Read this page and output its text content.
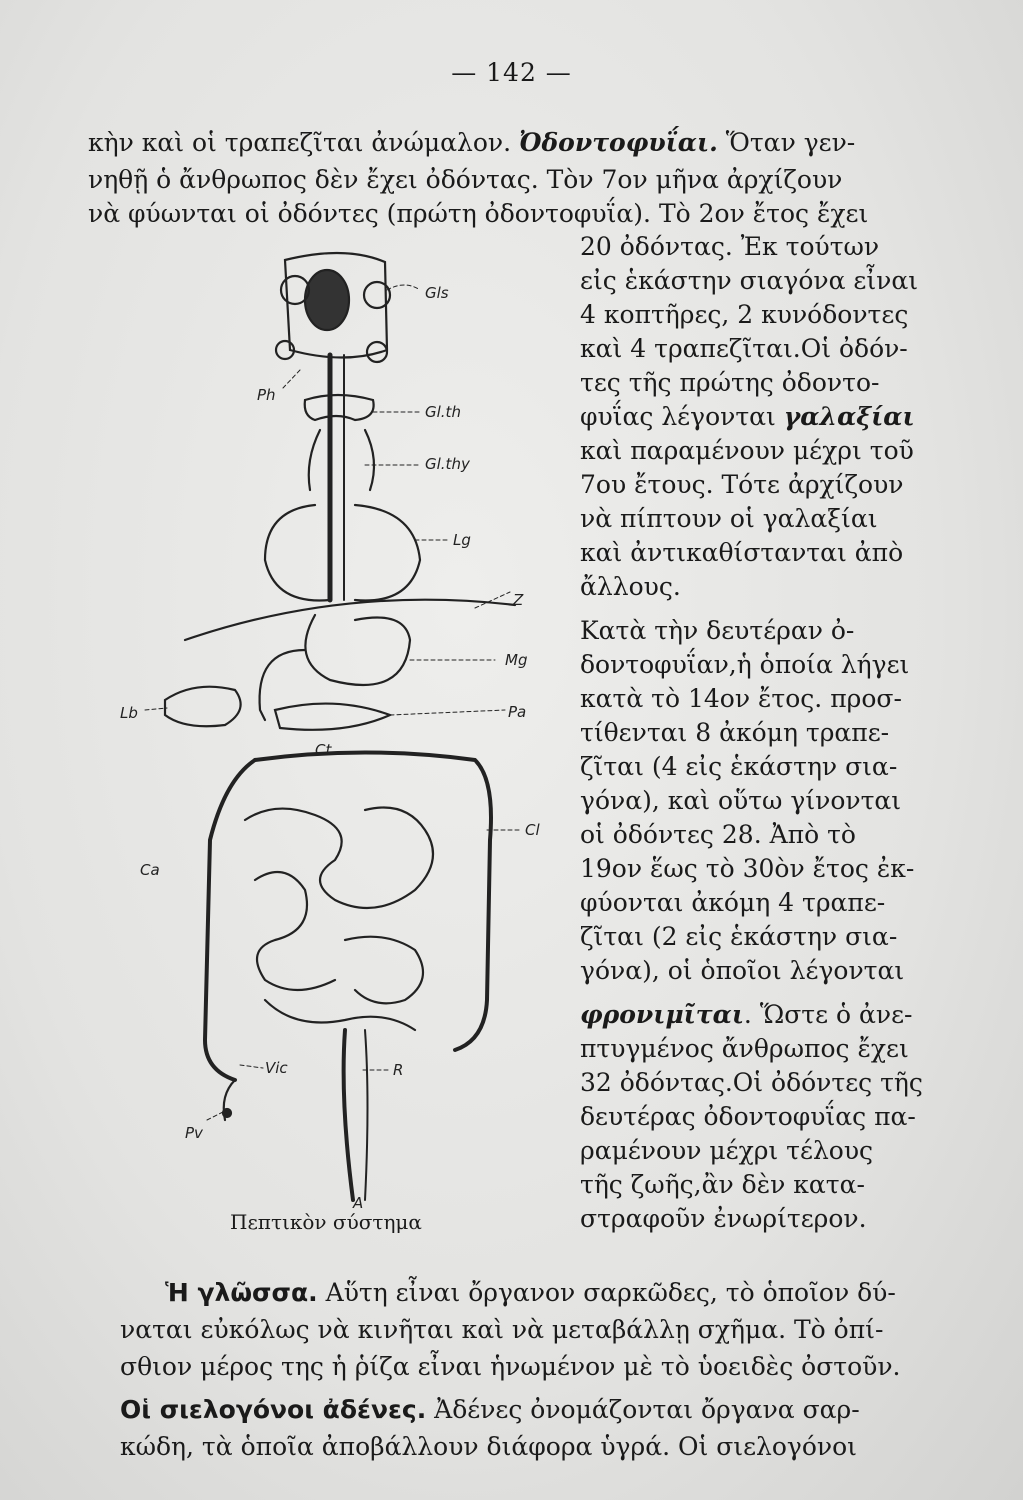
— 142 —
κὴν καὶ οἱ τραπεζῖται ἀνώμαλον. Ὀδοντοφυΐαι. Ὅταν γεν-
νηθῇ ὁ ἄνθρωπος δὲν ἔχει ὀδόντας. Τὸν 7ον μῆνα ἀρχίζουν
νὰ φύωνται οἱ ὀδόντες (πρώτη ὀδοντοφυΐα). Τὸ 2ον ἔτος ἔχει
20 ὀδόντας. Ἐκ τούτων
εἰς ἑκάστην σιαγόνα εἶναι
4 κοπτῆρες, 2 κυνόδοντες
καὶ 4 τραπεζῖται.Οἱ ὀδόν-
τες τῆς πρώτης ὀδοντο-
φυΐας λέγονται γαλαξίαι
καὶ παραμένουν μέχρι τοῦ
7ου ἔτους. Τότε ἀρχίζουν
νὰ πίπτουν οἱ γαλαξίαι
καὶ ἀντικαθίστανται ἀπὸ
ἄλλους.
Κατὰ τὴν δευτέραν ὀ-
δοντοφυΐαν,ἡ ὁποία λήγει
κατὰ τὸ 14ον ἔτος. προσ-
τίθενται 8 ἀκόμη τραπε-
ζῖται (4 εἰς ἑκάστην σια-
γόνα), καὶ οὕτω γίνονται
οἱ ὀδόντες 28. Ἀπὸ τὸ
19ον ἕως τὸ 30ὸν ἔτος ἐκ-
φύονται ἀκόμη 4 τραπε-
ζῖται (2 εἰς ἑκάστην σια-
γόνα), οἱ ὁποῖοι λέγονται
φρονιμῖται. Ὥστε ὁ ἀνε-
πτυγμένος ἄνθρωπος ἔχει
32 ὀδόντας.Οἱ ὀδόντες τῆς
δευτέρας ὀδοντοφυΐας πα-
ραμένουν μέχρι τέλους
τῆς ζωῆς,ἂν δὲν κατα-
στραφοῦν ἐνωρίτερον.
Gls
Ph
Gl.th
Gl.thy
Lg
Z
Mg
Pa
Lb
Ct
Ca
Cl
Vic	R
Pv
A
Πεπτικὸν σύστημα
Ἡ γλῶσσα. Αὕτη εἶναι ὄργανον σαρκῶδες, τὸ ὁποῖον δύ-
ναται εὐκόλως νὰ κινῆται καὶ νὰ μεταβάλλῃ σχῆμα. Τὸ ὀπί-
σθιον μέρος της ἡ ῥίζα εἶναι ἡνωμένον μὲ τὸ ὑοειδὲς ὀστοῦν.
Οἱ σιελογόνοι ἀδένες. Ἀδένες ὀνομάζονται ὄργανα σαρ-
κώδη, τὰ ὁποῖα ἀποβάλλουν διάφορα ὑγρά. Οἱ σιελογόνοι
